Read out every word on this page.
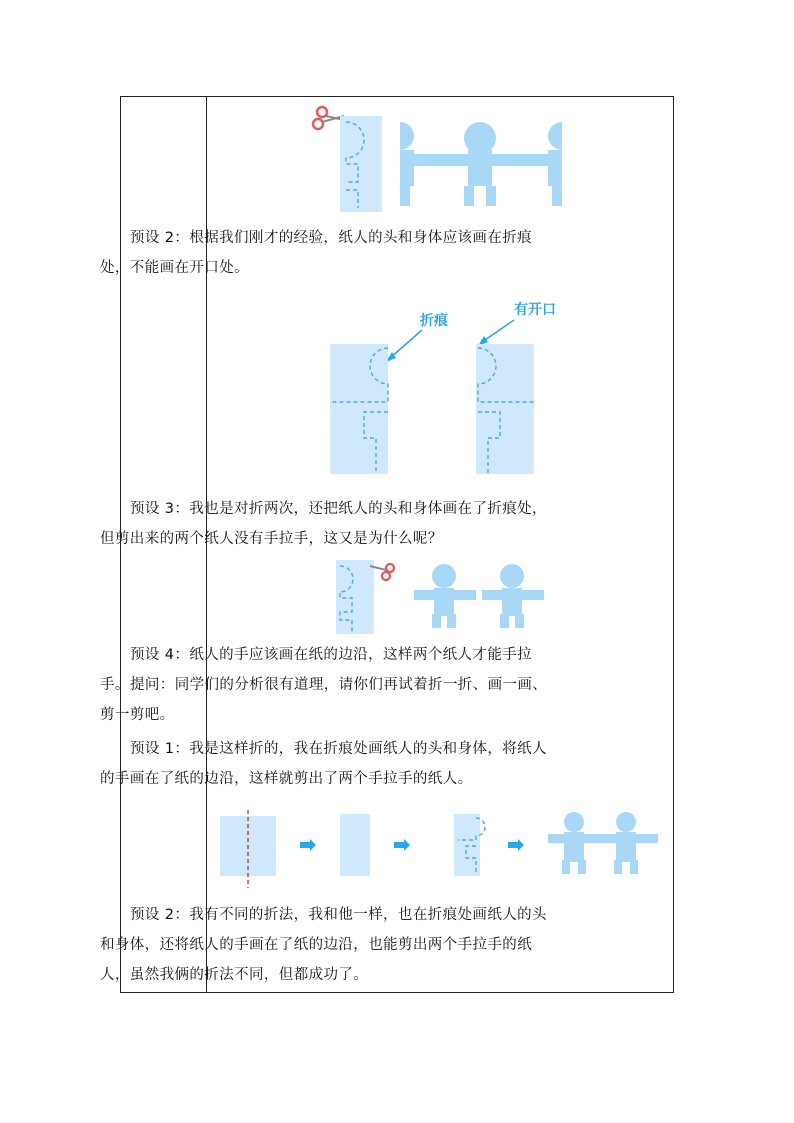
预设 2：根据我们刚才的经验，纸人的头和身体应该画在折痕处，不能画在开口处。

折痕
有开口

预设 3：我也是对折两次，还把纸人的头和身体画在了折痕处，但剪出来的两个纸人没有手拉手，这又是为什么呢？

预设 4：纸人的手应该画在纸的边沿，这样两个纸人才能手拉手。 提问：同学们的分析很有道理，请你们再试着折一折、画一画、剪一剪吧。

预设 1：我是这样折的，我在折痕处画纸人的头和身体，将纸人的手画在了纸的边沿，这样就剪出了两个手拉手的纸人。

预设 2：我有不同的折法，我和他一样，也在折痕处画纸人的头和身体，还将纸人的手画在了纸的边沿，也能剪出两个手拉手的纸人，虽然我俩的折法不同，但都成功了。
